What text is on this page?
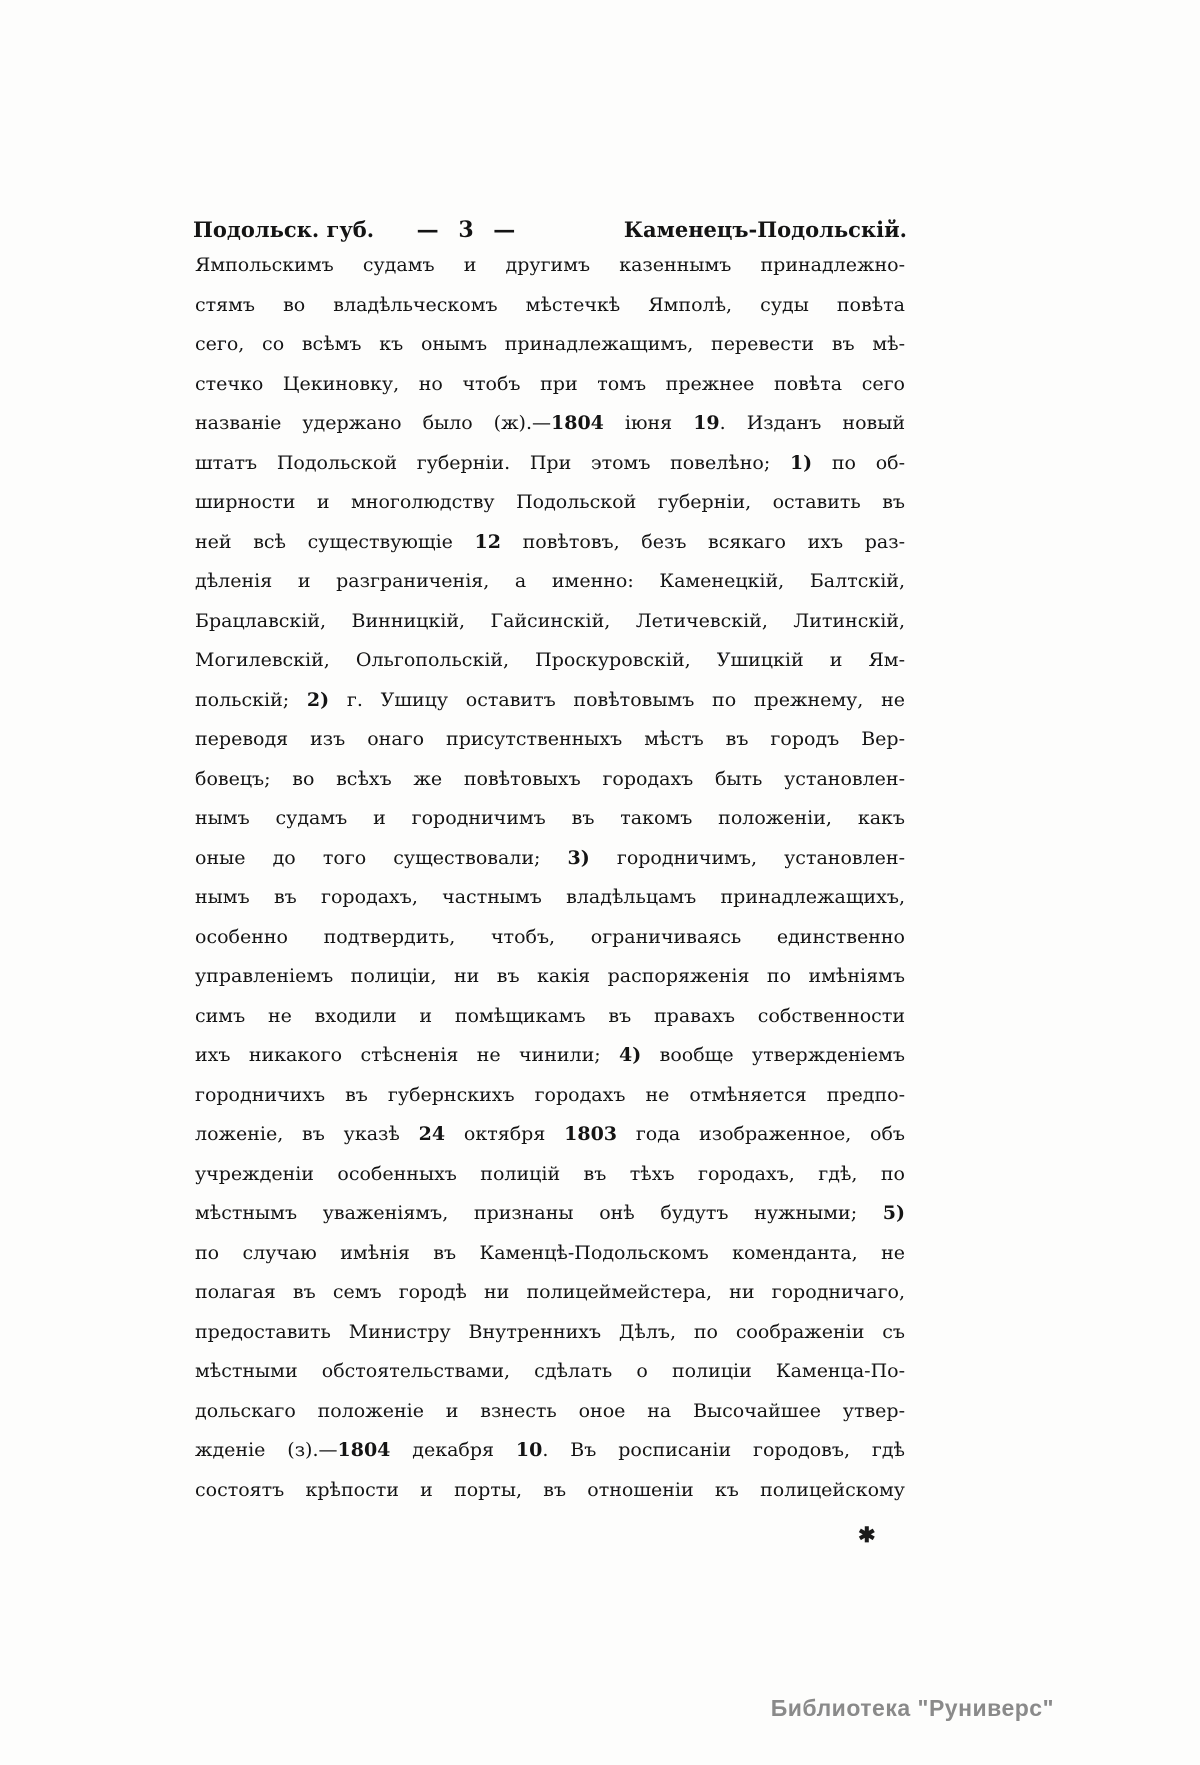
Подольск. губ. — 3 —	Каменецъ-Подольскій.
Ямпольскимъ судамъ и другимъ казеннымъ принадлежно-
стямъ во владѣльческомъ мѣстечкѣ Ямполѣ, суды повѣта
сего, со всѣмъ къ онымъ принадлежащимъ, перевести въ мѣ-
стечко Цекиновку, но чтобъ при томъ прежнее повѣта сего
названіе удержано было (ж).—1804 іюня 19. Изданъ новый
штатъ Подольской губерніи. При этомъ повелѣно; 1) по об-
ширности и многолюдству Подольской губерніи, оставить въ
ней всѣ существующіе 12 повѣтовъ, безъ всякаго ихъ раз-
дѣленія и разграниченія, а именно: Каменецкій, Балтскій,
Брацлавскій, Винницкій, Гайсинскій, Летичевскій, Литинскій,
Могилевскій, Ольгопольскій, Проскуровскій, Ушицкій и Ям-
польскій; 2) г. Ушицу оставитъ повѣтовымъ по прежнему, не
переводя изъ онаго присутственныхъ мѣстъ въ городъ Вер-
бовецъ; во всѣхъ же повѣтовыхъ городахъ быть установлен-
нымъ судамъ и городничимъ въ такомъ положеніи, какъ
оные до того существовали; 3) городничимъ, установлен-
нымъ въ городахъ, частнымъ владѣльцамъ принадлежащихъ,
особенно подтвердить, чтобъ, ограничиваясь единственно
управленіемъ полиціи, ни въ какія распоряженія по имѣніямъ
симъ не входили и помѣщикамъ въ правахъ собственности
ихъ никакого стѣсненія не чинили; 4) вообще утвержденіемъ
городничихъ въ губернскихъ городахъ не отмѣняется предпо-
ложеніе, въ указѣ 24 октября 1803 года изображенное, объ
учрежденіи особенныхъ полицій въ тѣхъ городахъ, гдѣ, по
мѣстнымъ уваженіямъ, признаны онѣ будутъ нужными; 5)
по случаю имѣнія въ Каменцѣ-Подольскомъ коменданта, не
полагая въ семъ городѣ ни полицеймейстера, ни городничаго,
предоставить Министру Внутреннихъ Дѣлъ, по соображеніи съ
мѣстными обстоятельствами, сдѣлать о полиціи Каменца-По-
дольскаго положеніе и взнесть оное на Высочайшее утвер-
жденіе (з).—1804 декабря 10. Въ росписаніи городовъ, гдѣ
состоятъ крѣпости и порты, въ отношеніи къ полицейскому
✱
Библиотека "Руниверс"
